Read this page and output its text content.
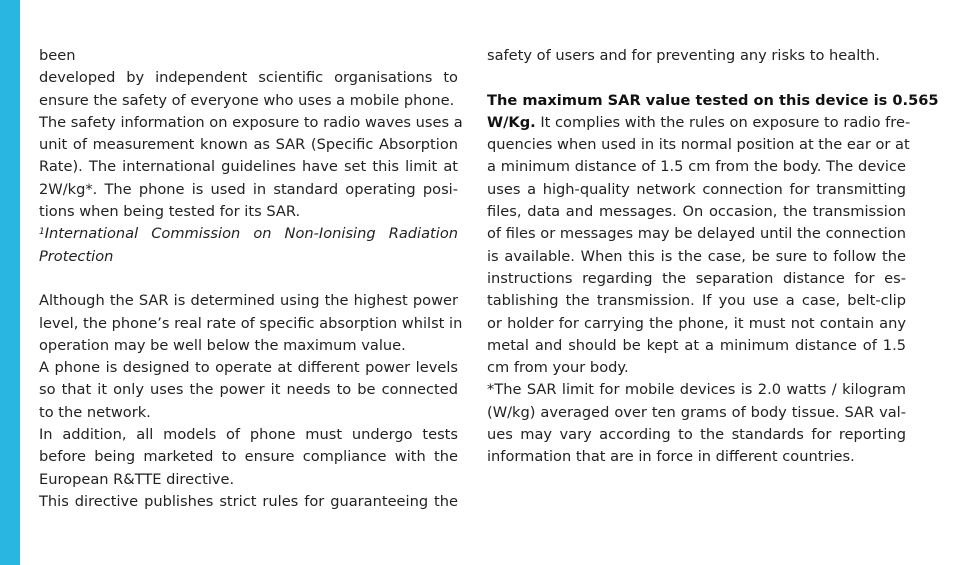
been
developed by independent scientific organisations to
ensure the safety of everyone who uses a mobile phone.
The safety information on exposure to radio waves uses a
unit of measurement known as SAR (Specific Absorption
Rate). The international guidelines have set this limit at
2W/kg*. The phone is used in standard operating posi-
tions when being tested for its SAR.
$^1$International Commission on Non-Ionising Radiation
Protection
Although the SAR is determined using the highest power
level, the phone’s real rate of specific absorption whilst in
operation may be well below the maximum value.
A phone is designed to operate at different power levels
so that it only uses the power it needs to be connected
to the network.
In addition, all models of phone must undergo tests
before being marketed to ensure compliance with the
European R&TTE directive.
This directive publishes strict rules for guaranteeing the
safety of users and for preventing any risks to health.
The maximum SAR value tested on this device is 0.565
W/Kg. It complies with the rules on exposure to radio fre-
quencies when used in its normal position at the ear or at
a minimum distance of 1.5 cm from the body. The device
uses a high-quality network connection for transmitting
files, data and messages. On occasion, the transmission
of files or messages may be delayed until the connection
is available. When this is the case, be sure to follow the
instructions regarding the separation distance for es-
tablishing the transmission. If you use a case, belt-clip
or holder for carrying the phone, it must not contain any
metal and should be kept at a minimum distance of 1.5
cm from your body.
*The SAR limit for mobile devices is 2.0 watts / kilogram
(W/kg) averaged over ten grams of body tissue. SAR val-
ues may vary according to the standards for reporting
information that are in force in different countries.
